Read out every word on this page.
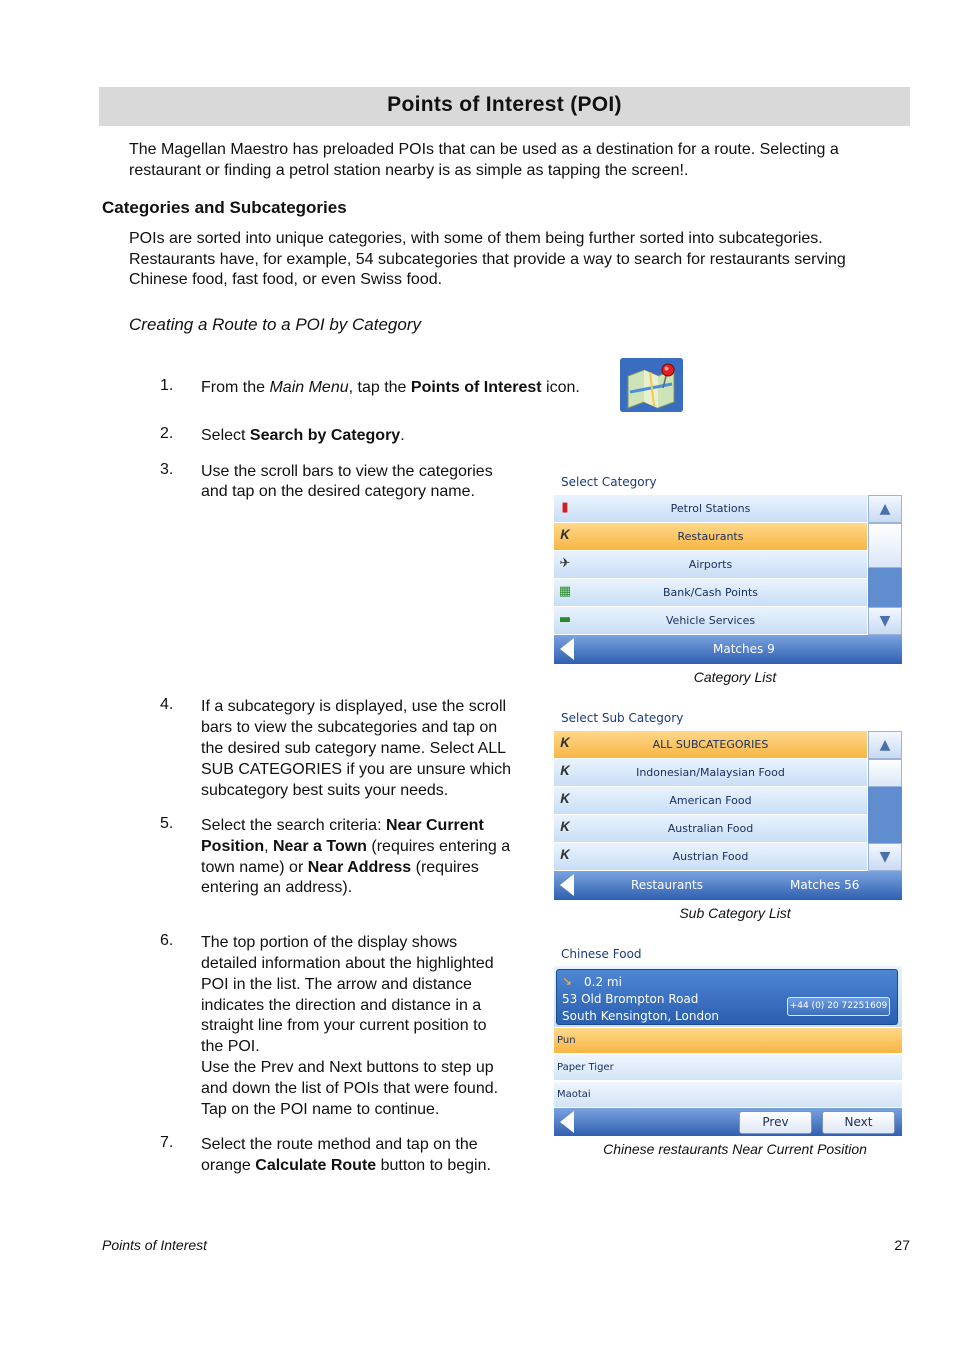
Points of Interest (POI)
The Magellan Maestro has preloaded POIs that can be used as a destination for a route. Selecting a
restaurant or finding a petrol station nearby is as simple as tapping the screen!.
Categories and Subcategories
POIs are sorted into unique categories, with some of them being further sorted into subcategories.
Restaurants have, for example, 54 subcategories that provide a way to search for restaurants serving
Chinese food, fast food, or even Swiss food.
Creating a Route to a POI by Category
1. From the Main Menu, tap the Points of Interest icon.
2. Select Search by Category.
3. Use the scroll bars to view the categories
and tap on the desired category name.
Select Category
▮	Petrol Stations
𝜥	Restaurants
✈	Airports
▦	Bank/Cash Points
▬	Vehicle Services
▲
▼
Matches 9
Category List
4. If a subcategory is displayed, use the scroll
bars to view the subcategories and tap on
the desired sub category name. Select ALL
SUB CATEGORIES if you are unsure which
subcategory best suits your needs.
Select Sub Category
𝜥	ALL SUBCATEGORIES
𝜥	Indonesian/Malaysian Food
𝜥	American Food
𝜥	Australian Food
𝜥	Austrian Food
▲
▼
Restaurants	Matches 56
Sub Category List
5. Select the search criteria: Near Current
Position, Near a Town (requires entering a
town name) or Near Address (requires
entering an address).
6. The top portion of the display shows
detailed information about the highlighted
POI in the list. The arrow and distance
indicates the direction and distance in a
straight line from your current position to
the POI.
Use the Prev and Next buttons to step up
and down the list of POIs that were found.
Tap on the POI name to continue.
Chinese Food
↘ 0.2 mi
53 Old Brompton Road
South Kensington, London
+44 (0) 20 72251609
Pun
Paper Tiger
Maotai
Prev	Next
Chinese restaurants Near Current Position
7. Select the route method and tap on the
orange Calculate Route button to begin.
Points of Interest	27
